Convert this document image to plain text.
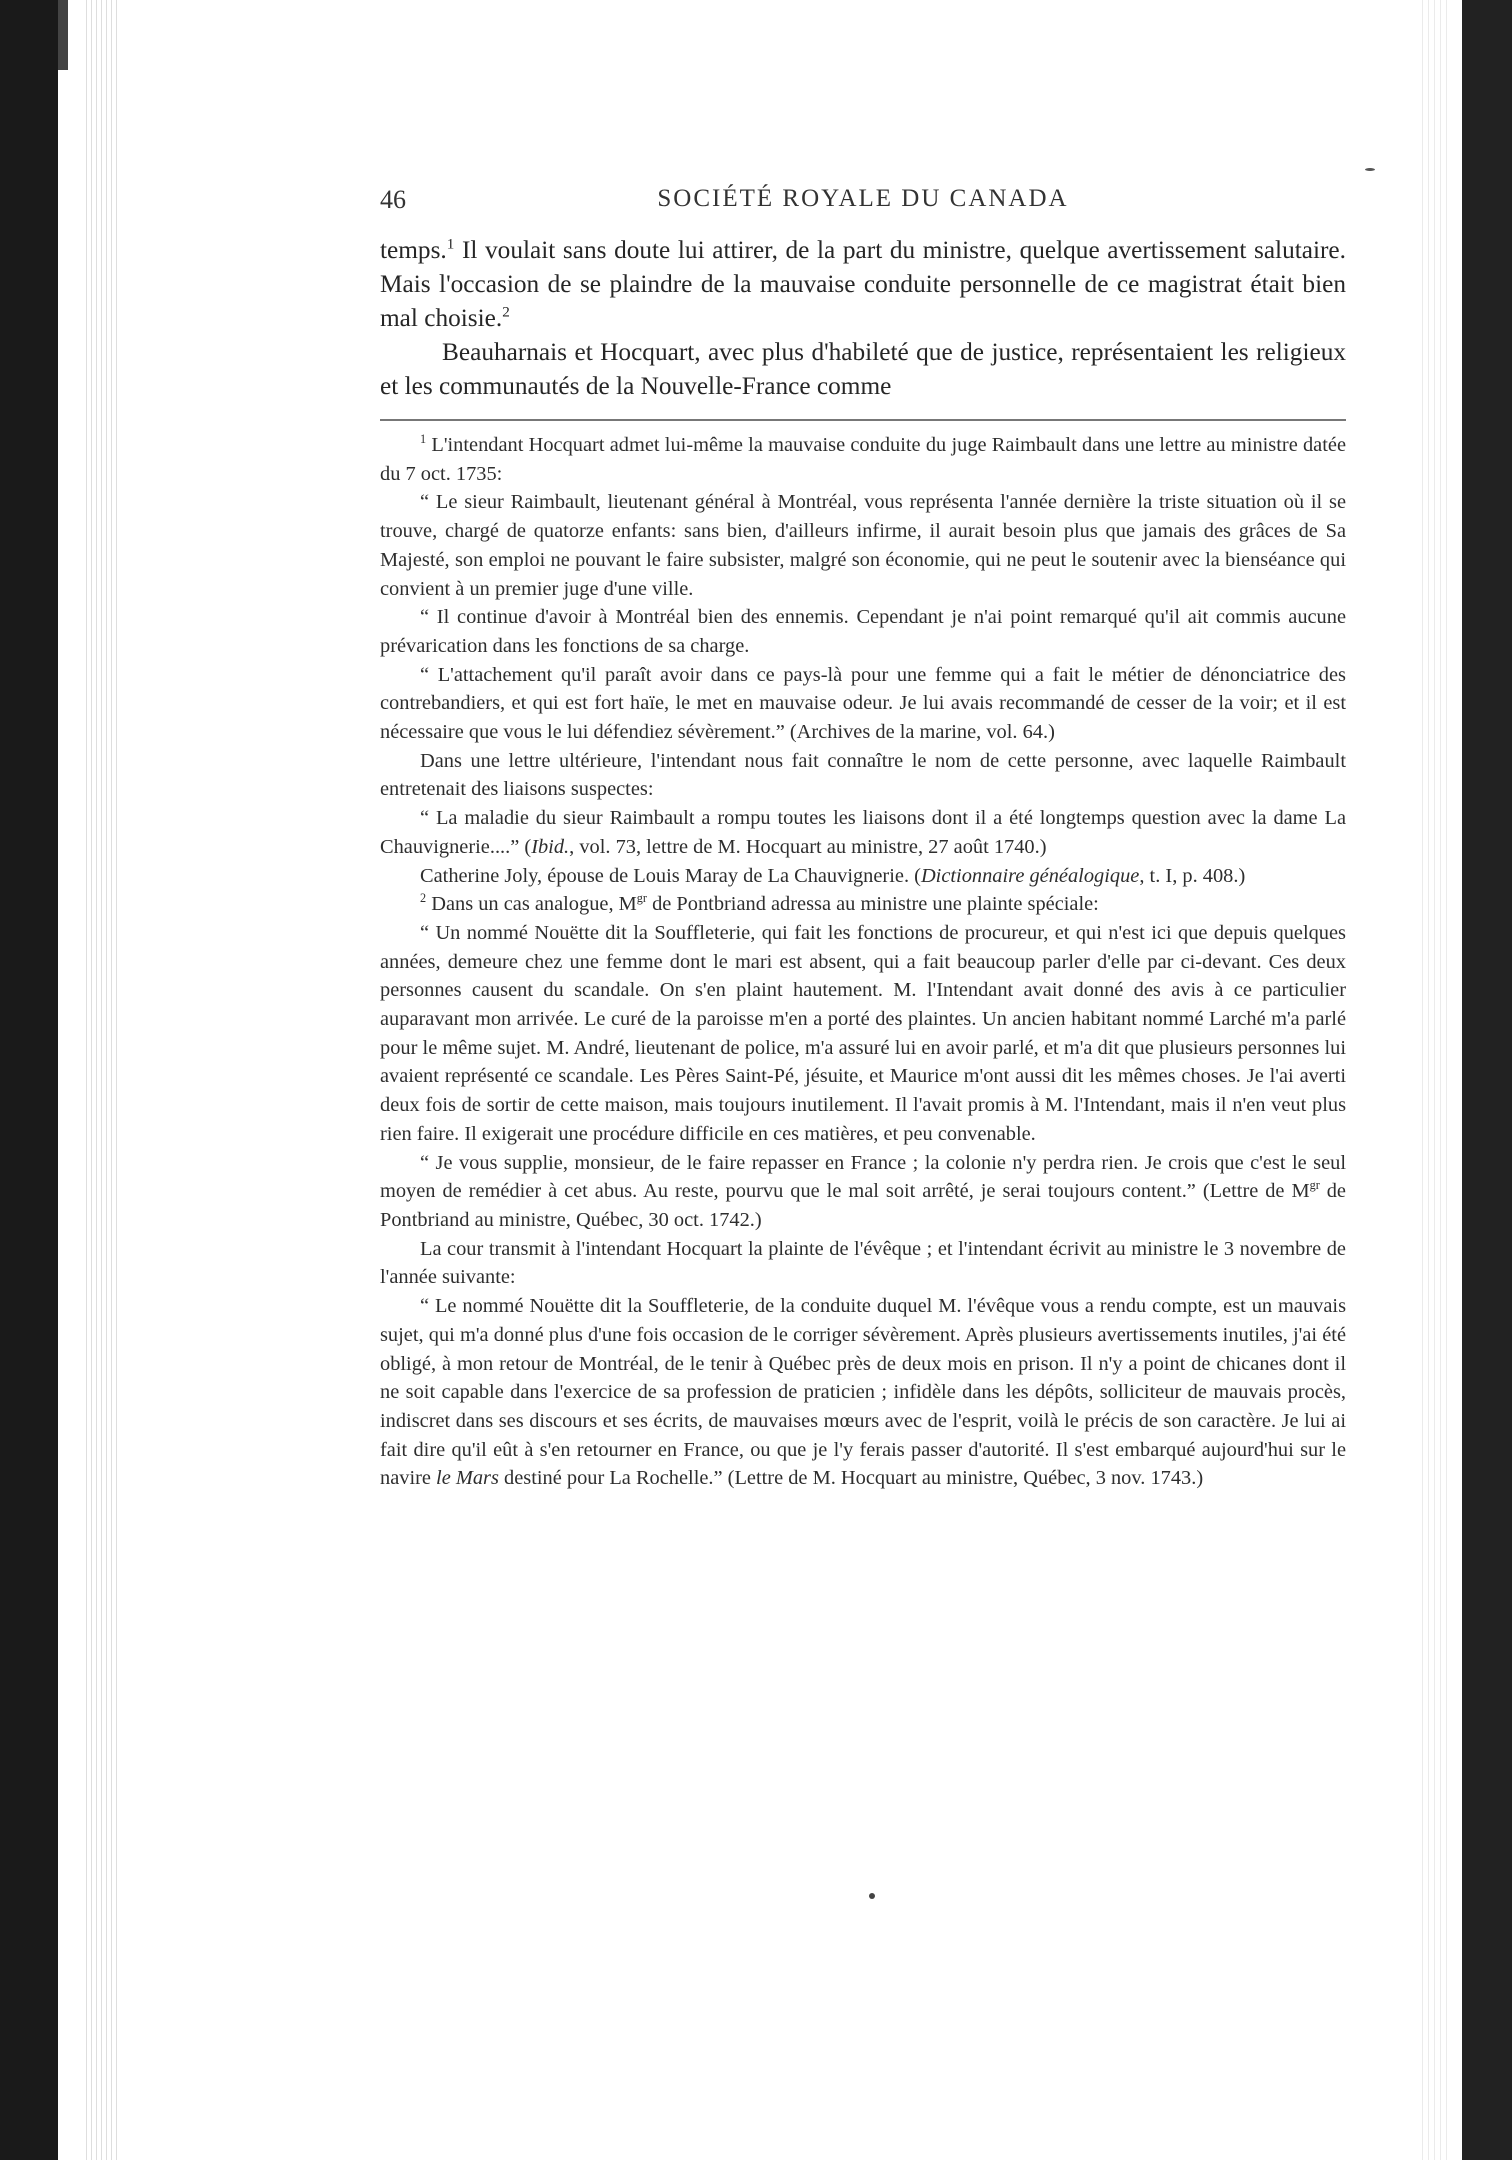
46	SOCIÉTÉ ROYALE DU CANADA

temps.$^1$ Il voulait sans doute lui attirer, de la part du ministre, quelque avertissement salutaire. Mais l'occasion de se plaindre de la mauvaise conduite personnelle de ce magistrat était bien mal choisie.$^2$

Beauharnais et Hocquart, avec plus d'habileté que de justice, représentaient les religieux et les communautés de la Nouvelle-France comme

$^1$ L'intendant Hocquart admet lui-même la mauvaise conduite du juge Raimbault dans une lettre au ministre datée du 7 oct. 1735:

“ Le sieur Raimbault, lieutenant général à Montréal, vous représenta l'année dernière la triste situation où il se trouve, chargé de quatorze enfants: sans bien, d'ailleurs infirme, il aurait besoin plus que jamais des grâces de Sa Majesté, son emploi ne pouvant le faire subsister, malgré son économie, qui ne peut le soutenir avec la bienséance qui convient à un premier juge d'une ville.

“ Il continue d'avoir à Montréal bien des ennemis. Cependant je n'ai point remarqué qu'il ait commis aucune prévarication dans les fonctions de sa charge.

“ L'attachement qu'il paraît avoir dans ce pays-là pour une femme qui a fait le métier de dénonciatrice des contrebandiers, et qui est fort haïe, le met en mauvaise odeur. Je lui avais recommandé de cesser de la voir; et il est nécessaire que vous le lui défendiez sévèrement.” (Archives de la marine, vol. 64.)

Dans une lettre ultérieure, l'intendant nous fait connaître le nom de cette personne, avec laquelle Raimbault entretenait des liaisons suspectes:

“ La maladie du sieur Raimbault a rompu toutes les liaisons dont il a été longtemps question avec la dame La Chauvignerie....” (Ibid., vol. 73, lettre de M. Hocquart au ministre, 27 août 1740.)

Catherine Joly, épouse de Louis Maray de La Chauvignerie. (Dictionnaire généalogique, t. I, p. 408.)

$^2$ Dans un cas analogue, $M^{gr}$ de Pontbriand adressa au ministre une plainte spéciale:

“ Un nommé Nouëtte dit la Souffleterie, qui fait les fonctions de procureur, et qui n'est ici que depuis quelques années, demeure chez une femme dont le mari est absent, qui a fait beaucoup parler d'elle par ci-devant. Ces deux personnes causent du scandale. On s'en plaint hautement. M. l'Intendant avait donné des avis à ce particulier auparavant mon arrivée. Le curé de la paroisse m'en a porté des plaintes. Un ancien habitant nommé Larché m'a parlé pour le même sujet. M. André, lieutenant de police, m'a assuré lui en avoir parlé, et m'a dit que plusieurs personnes lui avaient représenté ce scandale. Les Pères Saint-Pé, jésuite, et Maurice m'ont aussi dit les mêmes choses. Je l'ai averti deux fois de sortir de cette maison, mais toujours inutilement. Il l'avait promis à M. l'Intendant, mais il n'en veut plus rien faire. Il exigerait une procédure difficile en ces matières, et peu convenable.

“ Je vous supplie, monsieur, de le faire repasser en France ; la colonie n'y perdra rien. Je crois que c'est le seul moyen de remédier à cet abus. Au reste, pourvu que le mal soit arrêté, je serai toujours content.” (Lettre de $M^{gr}$ de Pontbriand au ministre, Québec, 30 oct. 1742.)

La cour transmit à l'intendant Hocquart la plainte de l'évêque ; et l'intendant écrivit au ministre le 3 novembre de l'année suivante:

“ Le nommé Nouëtte dit la Souffleterie, de la conduite duquel M. l'évêque vous a rendu compte, est un mauvais sujet, qui m'a donné plus d'une fois occasion de le corriger sévèrement. Après plusieurs avertissements inutiles, j'ai été obligé, à mon retour de Montréal, de le tenir à Québec près de deux mois en prison. Il n'y a point de chicanes dont il ne soit capable dans l'exercice de sa profession de praticien ; infidèle dans les dépôts, solliciteur de mauvais procès, indiscret dans ses discours et ses écrits, de mauvaises mœurs avec de l'esprit, voilà le précis de son caractère. Je lui ai fait dire qu'il eût à s'en retourner en France, ou que je l'y ferais passer d'autorité. Il s'est embarqué aujourd'hui sur le navire le Mars destiné pour La Rochelle.” (Lettre de M. Hocquart au ministre, Québec, 3 nov. 1743.)
